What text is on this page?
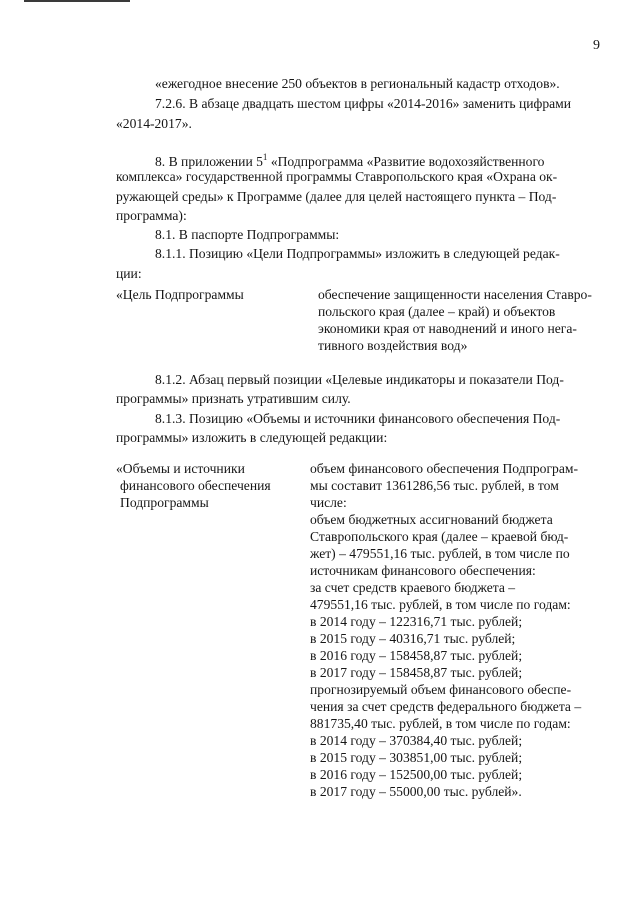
9
«ежегодное внесение 250 объектов в региональный кадастр отходов».
7.2.6. В абзаце двадцать шестом цифры «2014-2016» заменить цифрами
«2014-2017».
8. В приложении $5^1$ «Подпрограмма «Развитие водохозяйственного
комплекса» государственной программы Ставропольского края «Охрана ок-
ружающей среды» к Программе (далее для целей настоящего пункта – Под-
программа):
8.1. В паспорте Подпрограммы:
8.1.1. Позицию «Цели Подпрограммы» изложить в следующей редак-
ции:
«Цель Подпрограммы	обеспечение защищенности населения Ставро-
польского края (далее – край) и объектов
экономики края от наводнений и иного нега-
тивного воздействия вод»
8.1.2. Абзац первый позиции «Целевые индикаторы и показатели Под-
программы» признать утратившим силу.
8.1.3. Позицию «Объемы и источники финансового обеспечения Под-
программы» изложить в следующей редакции:
«Объемы и источники
финансового обеспечения
Подпрограммы
объем финансового обеспечения Подпрограм-
мы составит 1361286,56 тыс. рублей, в том
числе:
объем бюджетных ассигнований бюджета
Ставропольского края (далее – краевой бюд-
жет) – 479551,16 тыс. рублей, в том числе по
источникам финансового обеспечения:
за счет средств краевого бюджета –
479551,16 тыс. рублей, в том числе по годам:
в 2014 году – 122316,71 тыс. рублей;
в 2015 году – 40316,71 тыс. рублей;
в 2016 году – 158458,87 тыс. рублей;
в 2017 году – 158458,87 тыс. рублей;
прогнозируемый объем финансового обеспе-
чения за счет средств федерального бюджета –
881735,40 тыс. рублей, в том числе по годам:
в 2014 году – 370384,40 тыс. рублей;
в 2015 году – 303851,00 тыс. рублей;
в 2016 году – 152500,00 тыс. рублей;
в 2017 году – 55000,00 тыс. рублей».
